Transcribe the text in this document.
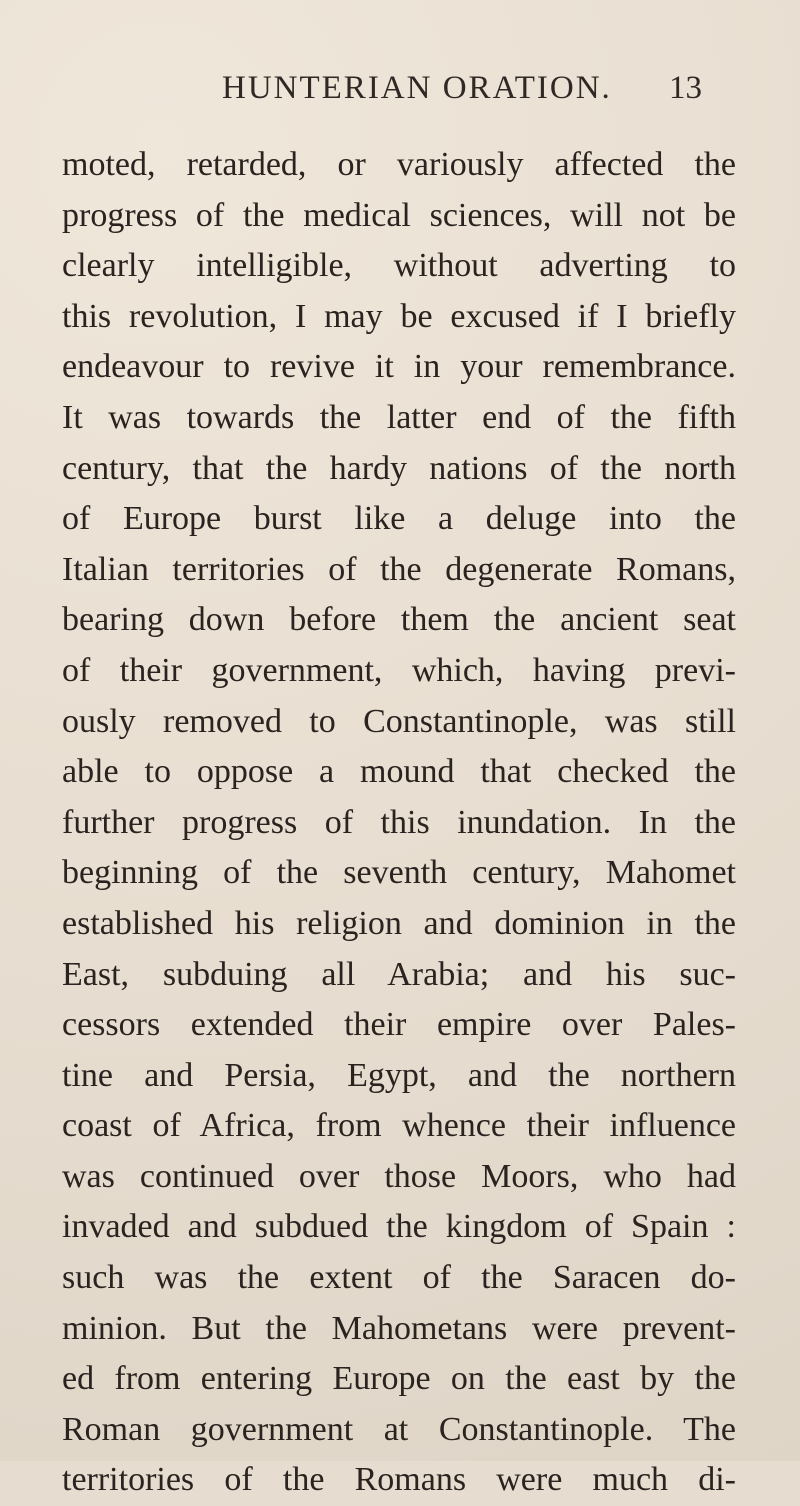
HUNTERIAN ORATION. 13
moted, retarded, or variously affected the
progress of the medical sciences, will not be
clearly intelligible, without adverting to
this revolution, I may be excused if I briefly
endeavour to revive it in your remembrance.
It was towards the latter end of the fifth
century, that the hardy nations of the north
of Europe burst like a deluge into the
Italian territories of the degenerate Romans,
bearing down before them the ancient seat
of their government, which, having previ-
ously removed to Constantinople, was still
able to oppose a mound that checked the
further progress of this inundation. In the
beginning of the seventh century, Mahomet
established his religion and dominion in the
East, subduing all Arabia; and his suc-
cessors extended their empire over Pales-
tine and Persia, Egypt, and the northern
coast of Africa, from whence their influence
was continued over those Moors, who had
invaded and subdued the kingdom of Spain :
such was the extent of the Saracen do-
minion. But the Mahometans were prevent-
ed from entering Europe on the east by the
Roman government at Constantinople. The
territories of the Romans were much di-
